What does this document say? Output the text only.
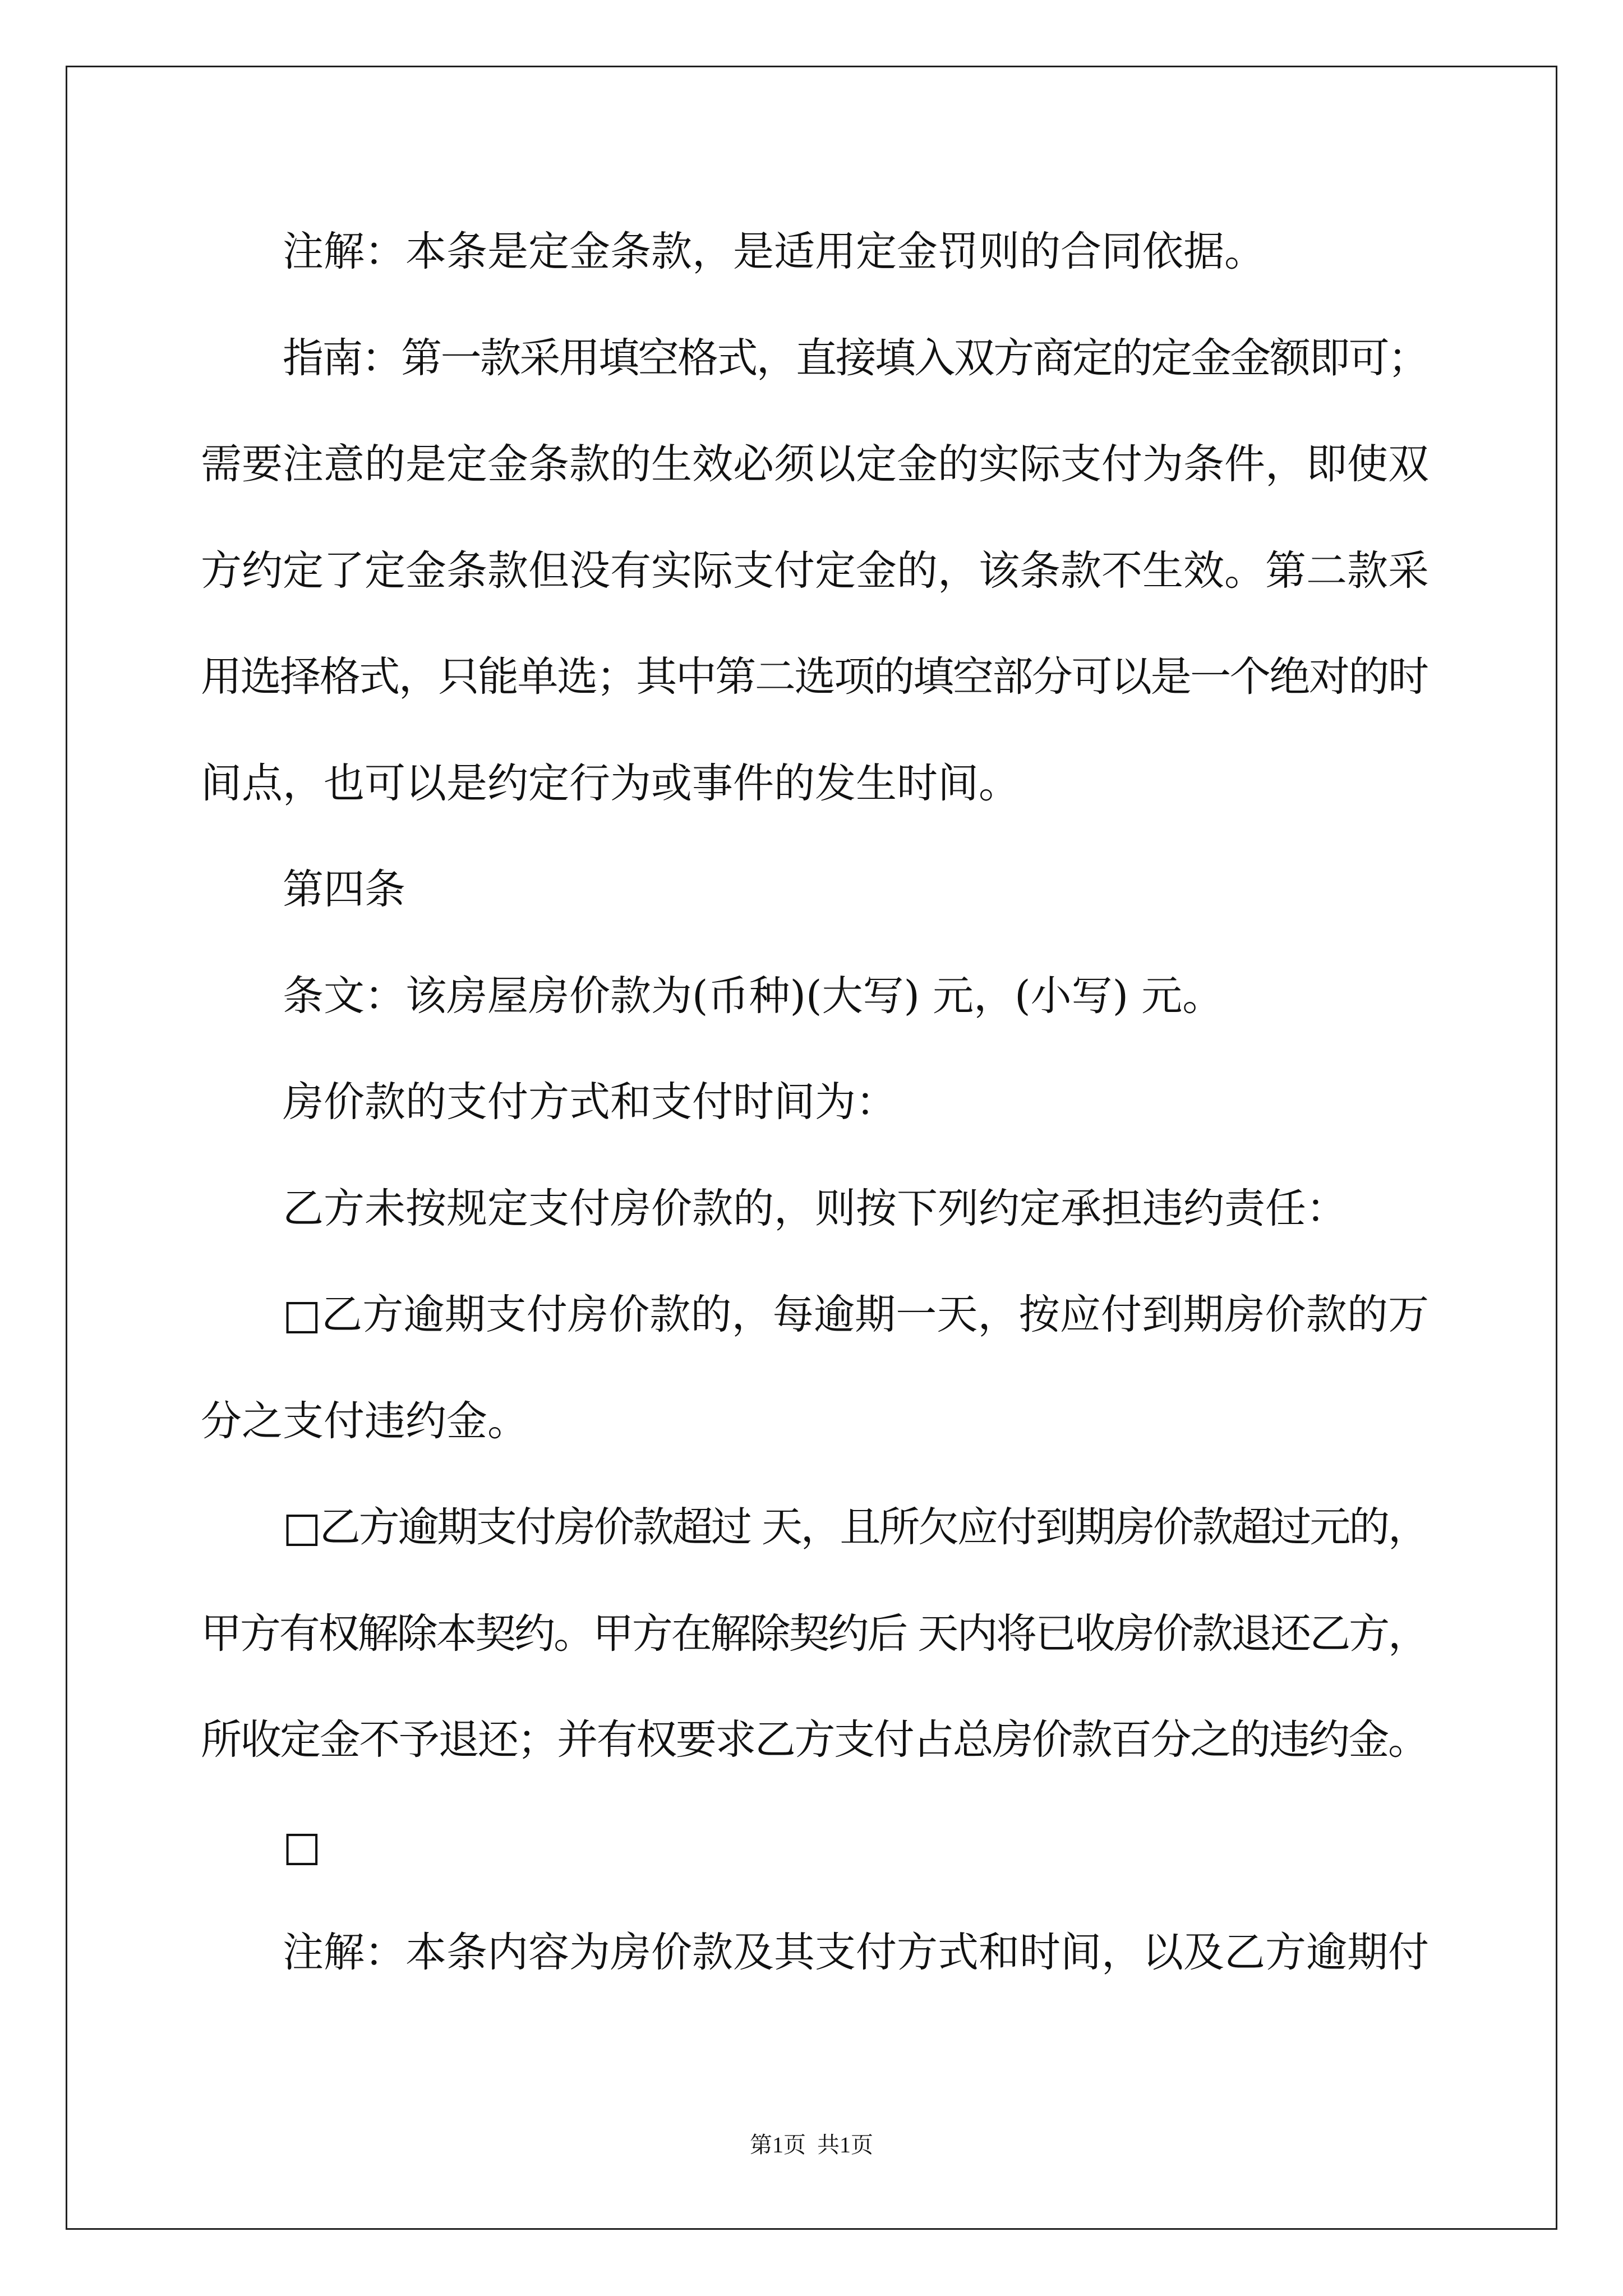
注解：本条是定金条款，是适用定金罚则的合同依据。
指南：第一款采用填空格式，直接填入双方商定的定金金额即可；
需要注意的是定金条款的生效必须以定金的实际支付为条件，即使双
方约定了定金条款但没有实际支付定金的，该条款不生效。第二款采
用选择格式，只能单选；其中第二选项的填空部分可以是一个绝对的时
间点，也可以是约定行为或事件的发生时间。
第四条
条文：该房屋房价款为(币种)(大写) 元，(小写) 元。
房价款的支付方式和支付时间为：
乙方未按规定支付房价款的，则按下列约定承担违约责任：
□乙方逾期支付房价款的，每逾期一天，按应付到期房价款的万
分之支付违约金。
□乙方逾期支付房价款超过 天，且所欠应付到期房价款超过元的，
甲方有权解除本契约。甲方在解除契约后 天内将已收房价款退还乙方，
所收定金不予退还；并有权要求乙方支付占总房价款百分之的违约金。
□
注解：本条内容为房价款及其支付方式和时间，以及乙方逾期付
第1页  共1页
